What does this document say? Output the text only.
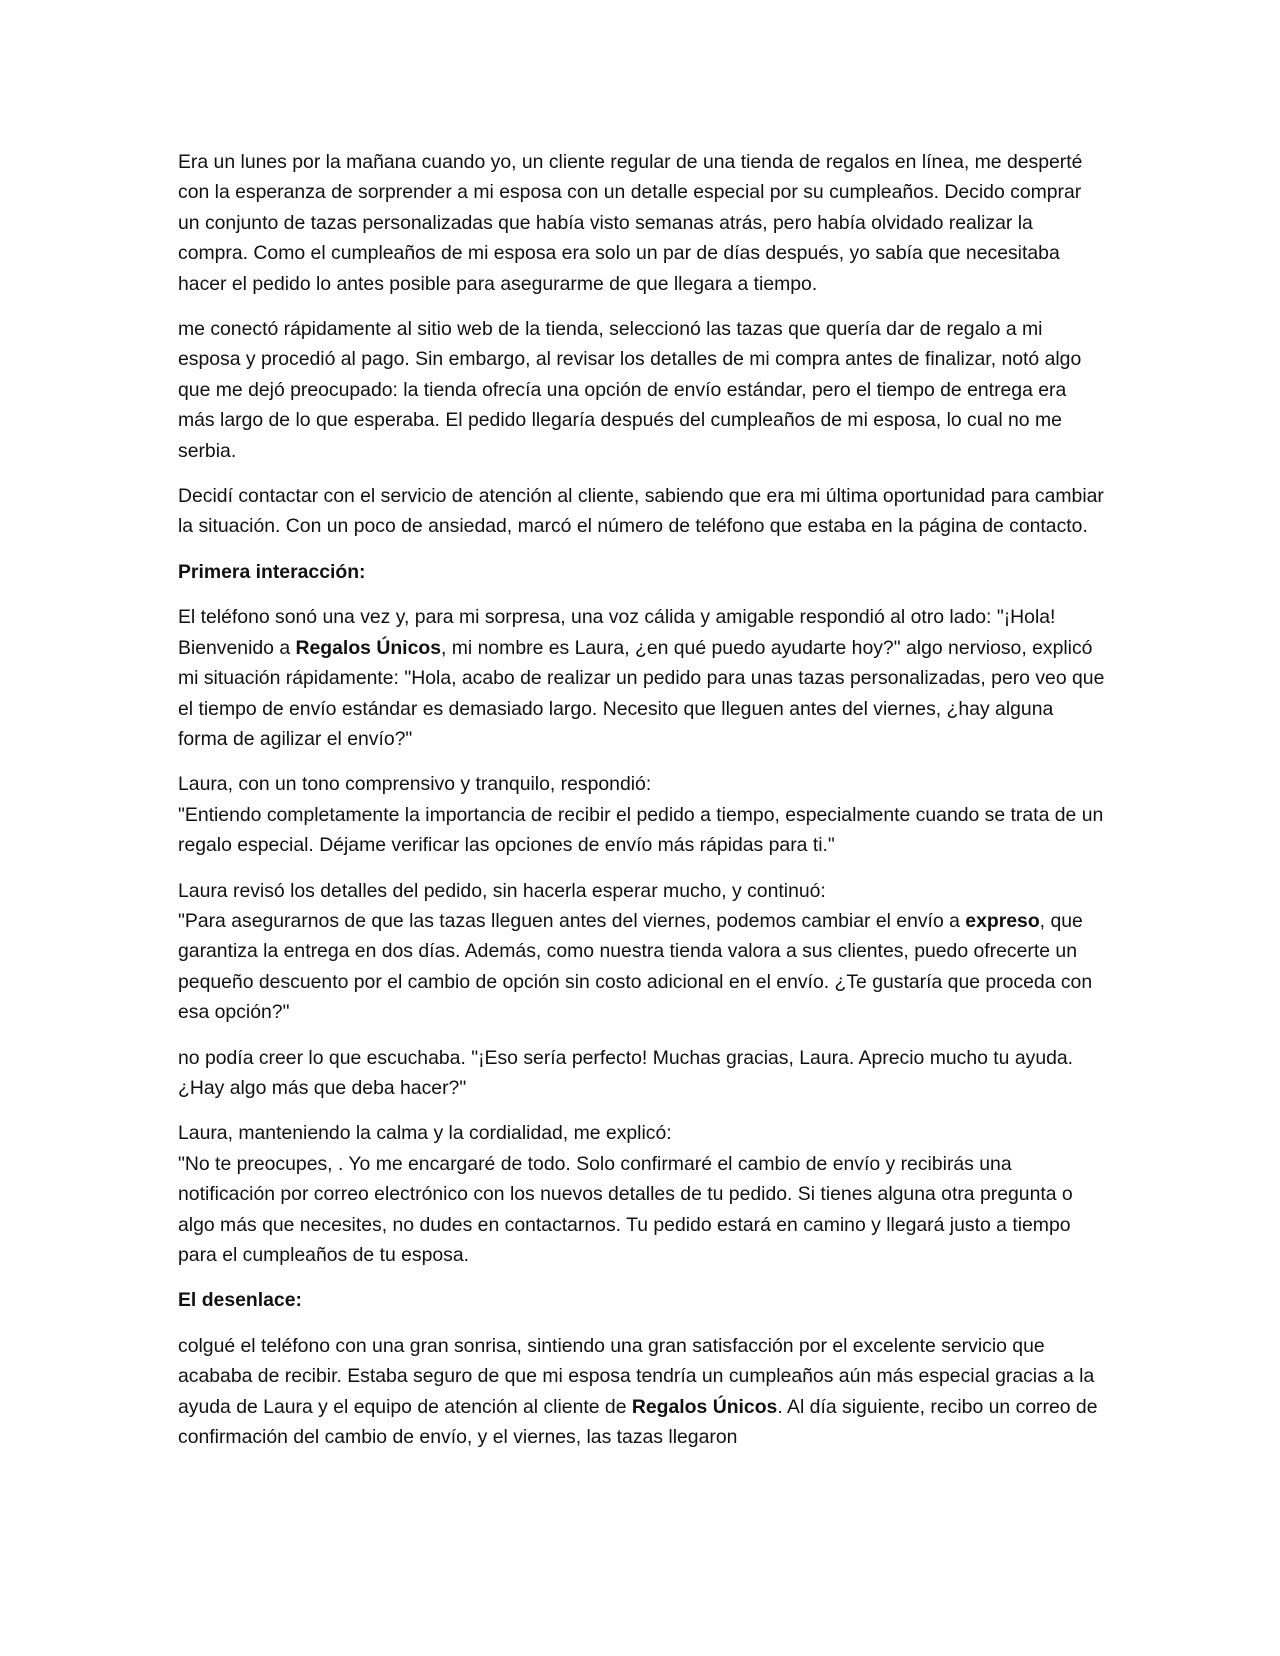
Era un lunes por la mañana cuando yo, un cliente regular de una tienda de regalos en línea, me desperté con la esperanza de sorprender a mi esposa con un detalle especial por su cumpleaños. Decido comprar un conjunto de tazas personalizadas que había visto semanas atrás, pero había olvidado realizar la compra. Como el cumpleaños de mi esposa era solo un par de días después, yo sabía que necesitaba hacer el pedido lo antes posible para asegurarme de que llegara a tiempo.

me conectó rápidamente al sitio web de la tienda, seleccionó las tazas que quería dar de regalo a mi esposa y procedió al pago. Sin embargo, al revisar los detalles de mi compra antes de finalizar, notó algo que me dejó preocupado: la tienda ofrecía una opción de envío estándar, pero el tiempo de entrega era más largo de lo que esperaba. El pedido llegaría después del cumpleaños de mi esposa, lo cual no me serbia.

Decidí contactar con el servicio de atención al cliente, sabiendo que era mi última oportunidad para cambiar la situación. Con un poco de ansiedad, marcó el número de teléfono que estaba en la página de contacto.

Primera interacción:

El teléfono sonó una vez y, para mi sorpresa, una voz cálida y amigable respondió al otro lado: "¡Hola! Bienvenido a Regalos Únicos, mi nombre es Laura, ¿en qué puedo ayudarte hoy?" algo nervioso, explicó mi situación rápidamente: "Hola, acabo de realizar un pedido para unas tazas personalizadas, pero veo que el tiempo de envío estándar es demasiado largo. Necesito que lleguen antes del viernes, ¿hay alguna forma de agilizar el envío?"

Laura, con un tono comprensivo y tranquilo, respondió:
"Entiendo completamente la importancia de recibir el pedido a tiempo, especialmente cuando se trata de un regalo especial. Déjame verificar las opciones de envío más rápidas para ti."

Laura revisó los detalles del pedido, sin hacerla esperar mucho, y continuó:
"Para asegurarnos de que las tazas lleguen antes del viernes, podemos cambiar el envío a expreso, que garantiza la entrega en dos días. Además, como nuestra tienda valora a sus clientes, puedo ofrecerte un pequeño descuento por el cambio de opción sin costo adicional en el envío. ¿Te gustaría que proceda con esa opción?"

no podía creer lo que escuchaba. "¡Eso sería perfecto! Muchas gracias, Laura. Aprecio mucho tu ayuda. ¿Hay algo más que deba hacer?"

Laura, manteniendo la calma y la cordialidad, me explicó:
"No te preocupes, . Yo me encargaré de todo. Solo confirmaré el cambio de envío y recibirás una notificación por correo electrónico con los nuevos detalles de tu pedido. Si tienes alguna otra pregunta o algo más que necesites, no dudes en contactarnos. Tu pedido estará en camino y llegará justo a tiempo para el cumpleaños de tu esposa.

El desenlace:

colgué el teléfono con una gran sonrisa, sintiendo una gran satisfacción por el excelente servicio que acababa de recibir. Estaba seguro de que mi esposa tendría un cumpleaños aún más especial gracias a la ayuda de Laura y el equipo de atención al cliente de Regalos Únicos. Al día siguiente, recibo un correo de confirmación del cambio de envío, y el viernes, las tazas llegaron
